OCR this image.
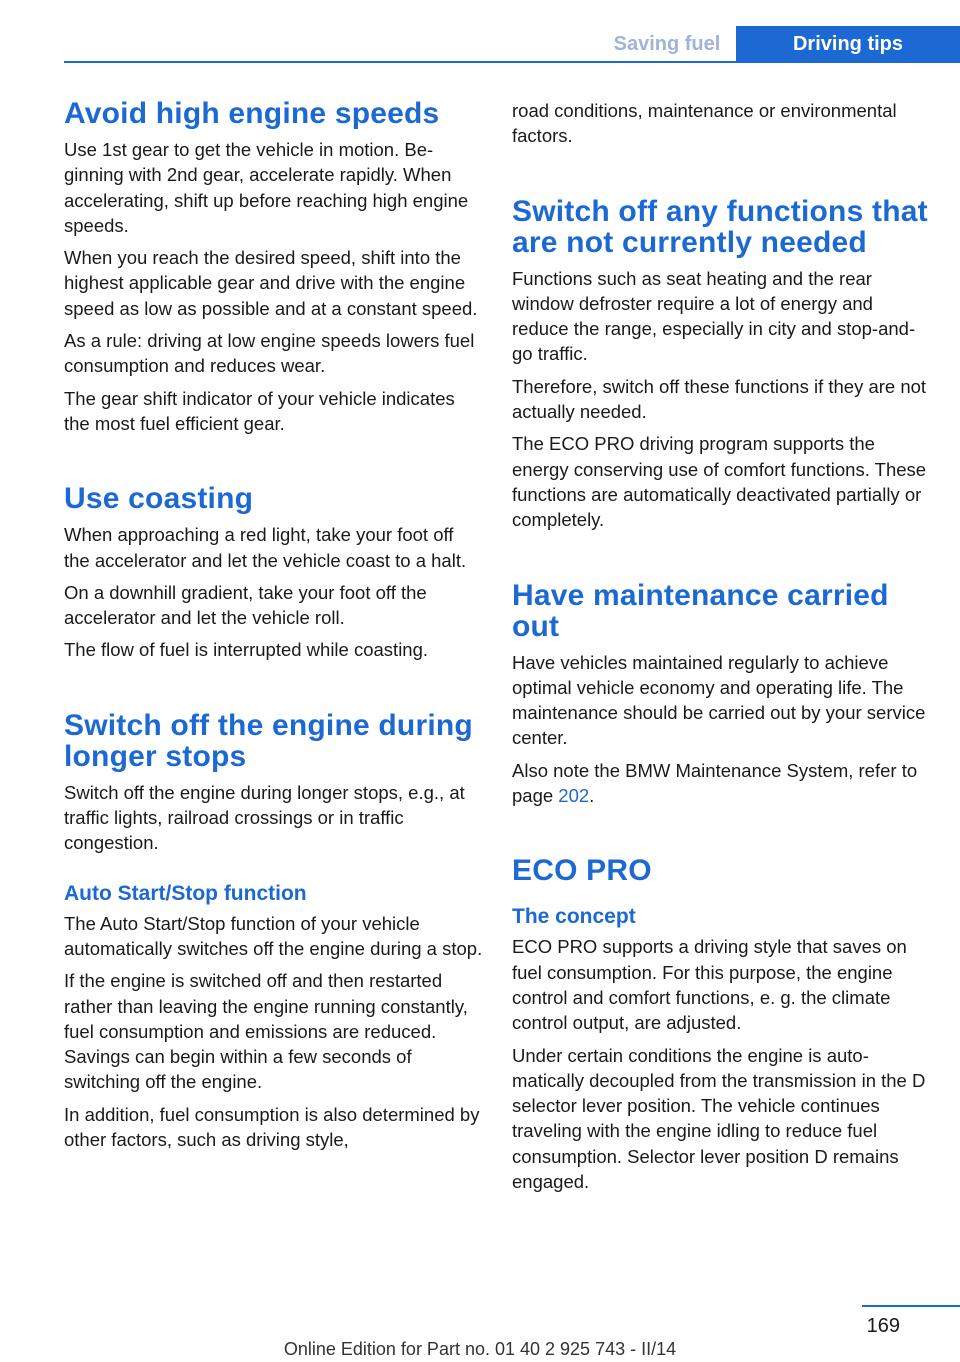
Saving fuel	Driving tips
Avoid high engine speeds

Use 1st gear to get the vehicle in motion. Beginning with 2nd gear, accelerate rapidly. When accelerating, shift up before reaching high engine speeds.

When you reach the desired speed, shift into the highest applicable gear and drive with the engine speed as low as possible and at a constant speed.

As a rule: driving at low engine speeds lowers fuel consumption and reduces wear.

The gear shift indicator of your vehicle indicates the most fuel efficient gear.

Use coasting

When approaching a red light, take your foot off the accelerator and let the vehicle coast to a halt.

On a downhill gradient, take your foot off the accelerator and let the vehicle roll.

The flow of fuel is interrupted while coasting.

Switch off the engine during longer stops

Switch off the engine during longer stops, e.g., at traffic lights, railroad crossings or in traffic congestion.

Auto Start/Stop function

The Auto Start/Stop function of your vehicle automatically switches off the engine during a stop.

If the engine is switched off and then restarted rather than leaving the engine running constantly, fuel consumption and emissions are reduced. Savings can begin within a few seconds of switching off the engine.

In addition, fuel consumption is also determined by other factors, such as driving style,

road conditions, maintenance or environmental factors.

Switch off any functions that are not currently needed

Functions such as seat heating and the rear window defroster require a lot of energy and reduce the range, especially in city and stop-and-go traffic.

Therefore, switch off these functions if they are not actually needed.

The ECO PRO driving program supports the energy conserving use of comfort functions. These functions are automatically deactivated partially or completely.

Have maintenance carried out

Have vehicles maintained regularly to achieve optimal vehicle economy and operating life. The maintenance should be carried out by your service center.

Also note the BMW Maintenance System, refer to page 202.

ECO PRO
The concept

ECO PRO supports a driving style that saves on fuel consumption. For this purpose, the engine control and comfort functions, e. g. the climate control output, are adjusted.

Under certain conditions the engine is automatically decoupled from the transmission in the D selector lever position. The vehicle continues traveling with the engine idling to reduce fuel consumption. Selector lever position D remains engaged.

169
Online Edition for Part no. 01 40 2 925 743 - II/14
